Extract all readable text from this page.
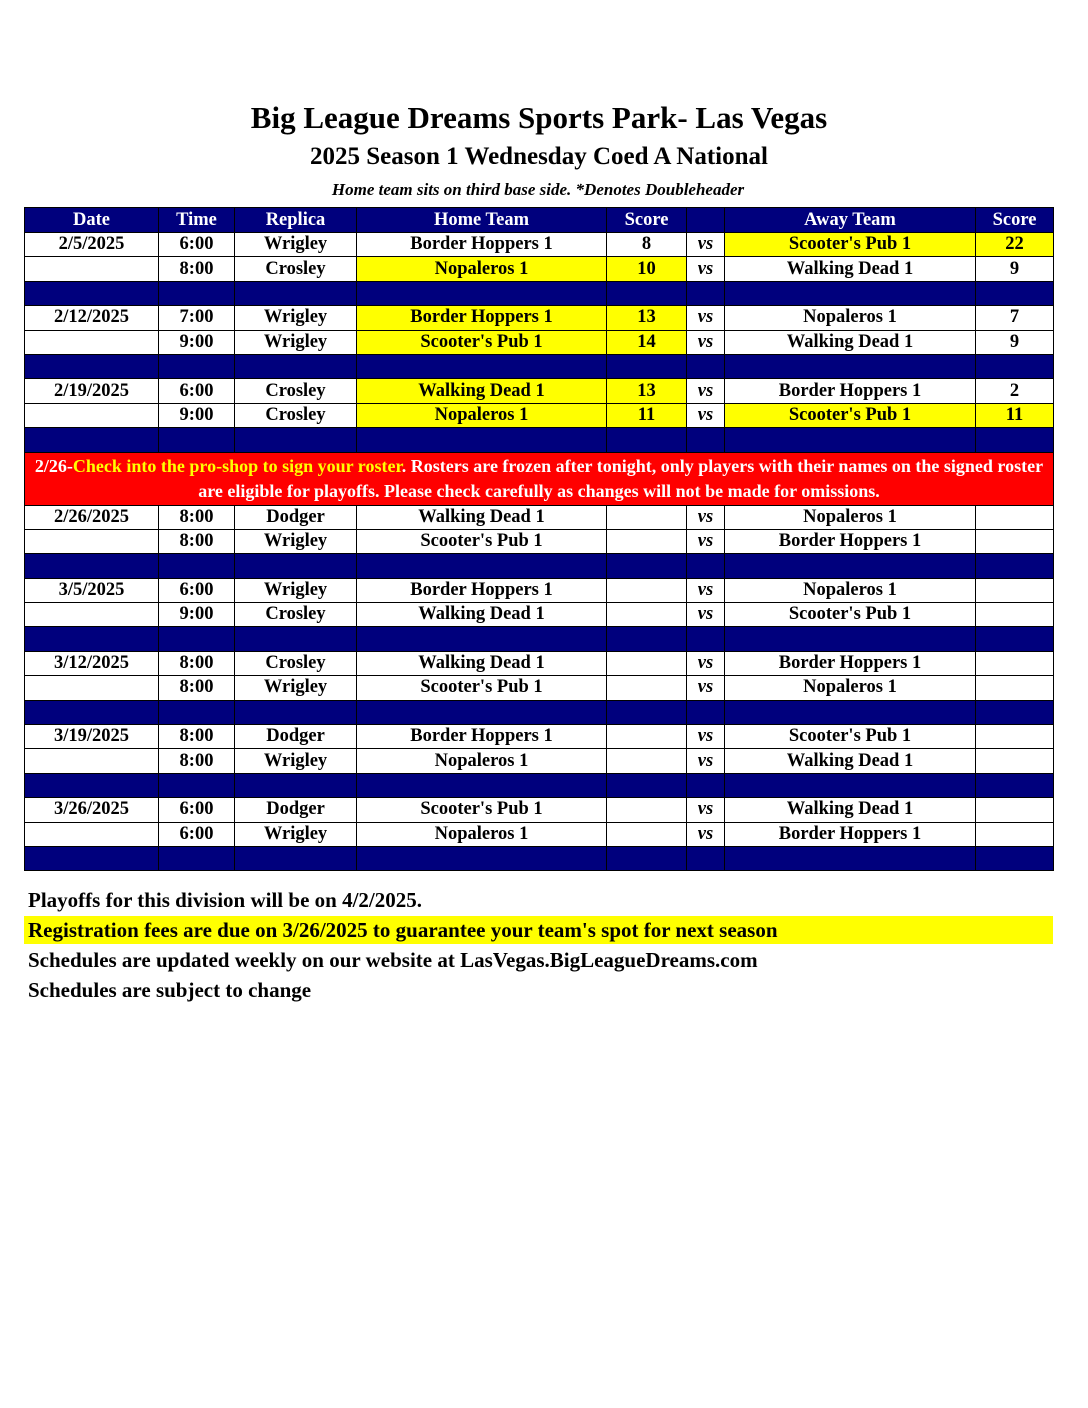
Big League Dreams Sports Park- Las Vegas
2025 Season 1 Wednesday Coed A National
Home team sits on third base side. *Denotes Doubleheader
Date	Time	Replica	Home Team	Score		Away Team	Score
2/5/2025	6:00	Wrigley	Border Hoppers 1	8	vs	Scooter's Pub 1	22
	8:00	Crosley	Nopaleros 1	10	vs	Walking Dead 1	9

2/12/2025	7:00	Wrigley	Border Hoppers 1	13	vs	Nopaleros 1	7
	9:00	Wrigley	Scooter's Pub 1	14	vs	Walking Dead 1	9

2/19/2025	6:00	Crosley	Walking Dead 1	13	vs	Border Hoppers 1	2
	9:00	Crosley	Nopaleros 1	11	vs	Scooter's Pub 1	11

2/26-Check into the pro-shop to sign your roster. Rosters are frozen after tonight, only players with their names on the signed roster are eligible for playoffs. Please check carefully as changes will not be made for omissions.							
2/26/2025	8:00	Dodger	Walking Dead 1		vs	Nopaleros 1	
	8:00	Wrigley	Scooter's Pub 1		vs	Border Hoppers 1	

3/5/2025	6:00	Wrigley	Border Hoppers 1		vs	Nopaleros 1	
	9:00	Crosley	Walking Dead 1		vs	Scooter's Pub 1	

3/12/2025	8:00	Crosley	Walking Dead 1		vs	Border Hoppers 1	
	8:00	Wrigley	Scooter's Pub 1		vs	Nopaleros 1	

3/19/2025	8:00	Dodger	Border Hoppers 1		vs	Scooter's Pub 1	
	8:00	Wrigley	Nopaleros 1		vs	Walking Dead 1	

3/26/2025	6:00	Dodger	Scooter's Pub 1		vs	Walking Dead 1	
	6:00	Wrigley	Nopaleros 1		vs	Border Hoppers 1	

Playoffs for this division will be on 4/2/2025.
Registration fees are due on 3/26/2025 to guarantee your team's spot for next season
Schedules are updated weekly on our website at LasVegas.BigLeagueDreams.com
Schedules are subject to change
